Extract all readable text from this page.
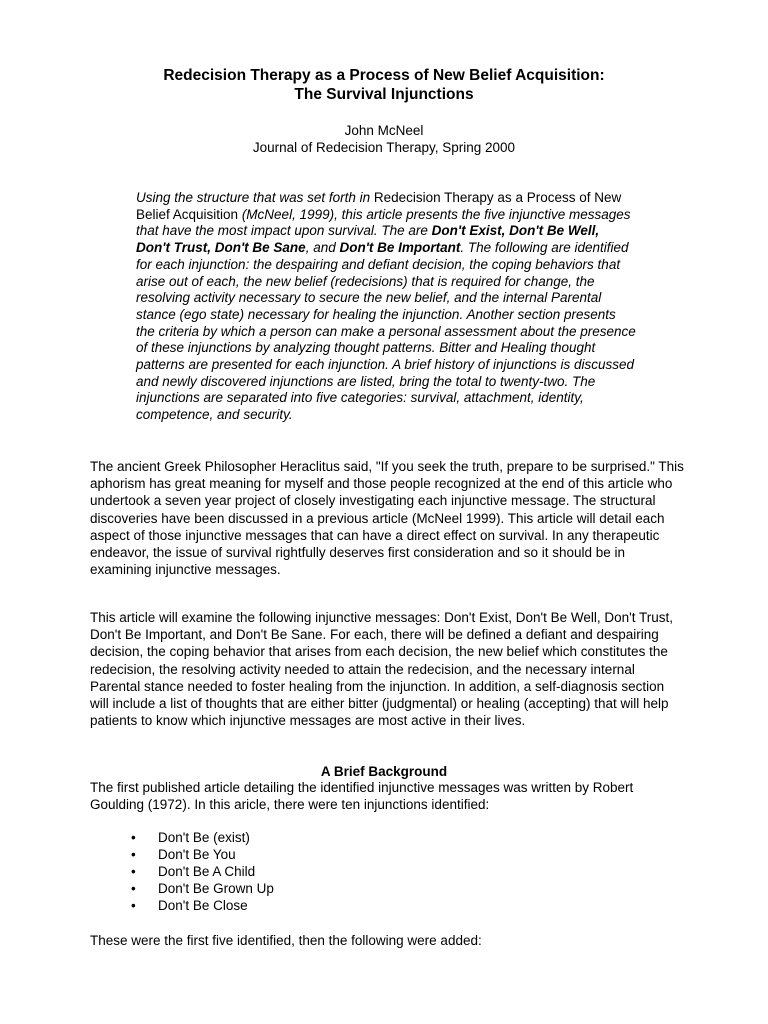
Redecision Therapy as a Process of New Belief Acquisition:
The Survival Injunctions
John McNeel
Journal of Redecision Therapy, Spring 2000

Using the structure that was set forth in Redecision Therapy as a Process of New Belief Acquisition (McNeel, 1999), this article presents the five injunctive messages that have the most impact upon survival. The are Don't Exist, Don't Be Well, Don't Trust, Don't Be Sane, and Don't Be Important. The following are identified for each injunction: the despairing and defiant decision, the coping behaviors that arise out of each, the new belief (redecisions) that is required for change, the resolving activity necessary to secure the new belief, and the internal Parental stance (ego state) necessary for healing the injunction. Another section presents the criteria by which a person can make a personal assessment about the presence of these injunctions by analyzing thought patterns. Bitter and Healing thought patterns are presented for each injunction. A brief history of injunctions is discussed and newly discovered injunctions are listed, bring the total to twenty-two. The injunctions are separated into five categories: survival, attachment, identity, competence, and security.

The ancient Greek Philosopher Heraclitus said, "If you seek the truth, prepare to be surprised." This aphorism has great meaning for myself and those people recognized at the end of this article who undertook a seven year project of closely investigating each injunctive message. The structural discoveries have been discussed in a previous article (McNeel 1999). This article will detail each aspect of those injunctive messages that can have a direct effect on survival. In any therapeutic endeavor, the issue of survival rightfully deserves first consideration and so it should be in examining injunctive messages.

This article will examine the following injunctive messages: Don't Exist, Don't Be Well, Don't Trust, Don't Be Important, and Don't Be Sane. For each, there will be defined a defiant and despairing decision, the coping behavior that arises from each decision, the new belief which constitutes the redecision, the resolving activity needed to attain the redecision, and the necessary internal Parental stance needed to foster healing from the injunction. In addition, a self-diagnosis section will include a list of thoughts that are either bitter (judgmental) or healing (accepting) that will help patients to know which injunctive messages are most active in their lives.

A Brief Background

The first published article detailing the identified injunctive messages was written by Robert Goulding (1972). In this aricle, there were ten injunctions identified:

• Don't Be (exist)
• Don't Be You
• Don't Be A Child
• Don't Be Grown Up
• Don't Be Close

These were the first five identified, then the following were added:
